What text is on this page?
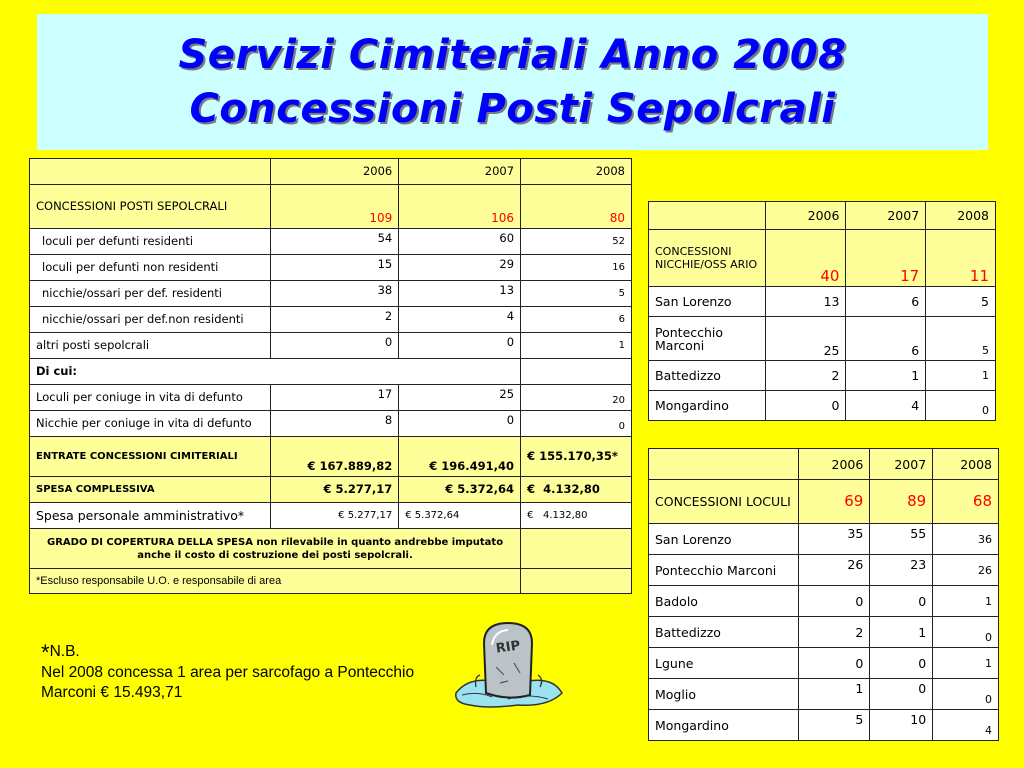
Servizi Cimiteriali Anno 2008
Concessioni Posti Sepolcrali
	2006	2007	2008
CONCESSIONI POSTI SEPOLCRALI	109	106	80
loculi per defunti residenti	54	60	52
loculi per defunti non residenti	15	29	16
nicchie/ossari per def. residenti	38	13	5
nicchie/ossari per def.non residenti	2	4	6
altri posti sepolcrali	0	0	1
Di cui:			
Loculi per coniuge in vita di defunto	17	25	20
Nicchie per coniuge in vita di defunto	8	0	0
ENTRATE CONCESSIONI CIMITERIALI	€ 167.889,82	€ 196.491,40	€ 155.170,35*
SPESA COMPLESSIVA	€ 5.277,17	€ 5.372,64	€  4.132,80
Spesa personale amministrativo*	€ 5.277,17	€ 5.372,64	€   4.132,80
GRADO DI COPERTURA DELLA SPESA non rilevabile in quanto andrebbe imputato anche il costo di costruzione dei posti sepolcrali.			
*Escluso responsabile U.O. e responsabile di area			
	2006	2007	2008
CONCESSIONI NICCHIE/OSS ARIO	40	17	11
San Lorenzo	13	6	5
Pontecchio Marconi	25	6	5
Battedizzo	2	1	1
Mongardino	0	4	0
	2006	2007	2008
CONCESSIONI LOCULI	69	89	68
San Lorenzo	35	55	36
Pontecchio Marconi	26	23	26
Badolo	0	0	1
Battedizzo	2	1	0
Lgune	0	0	1
Moglio	1	0	0
Mongardino	5	10	4
*N.B.
Nel 2008 concessa 1 area per sarcofago a Pontecchio Marconi € 15.493,71
RIP
